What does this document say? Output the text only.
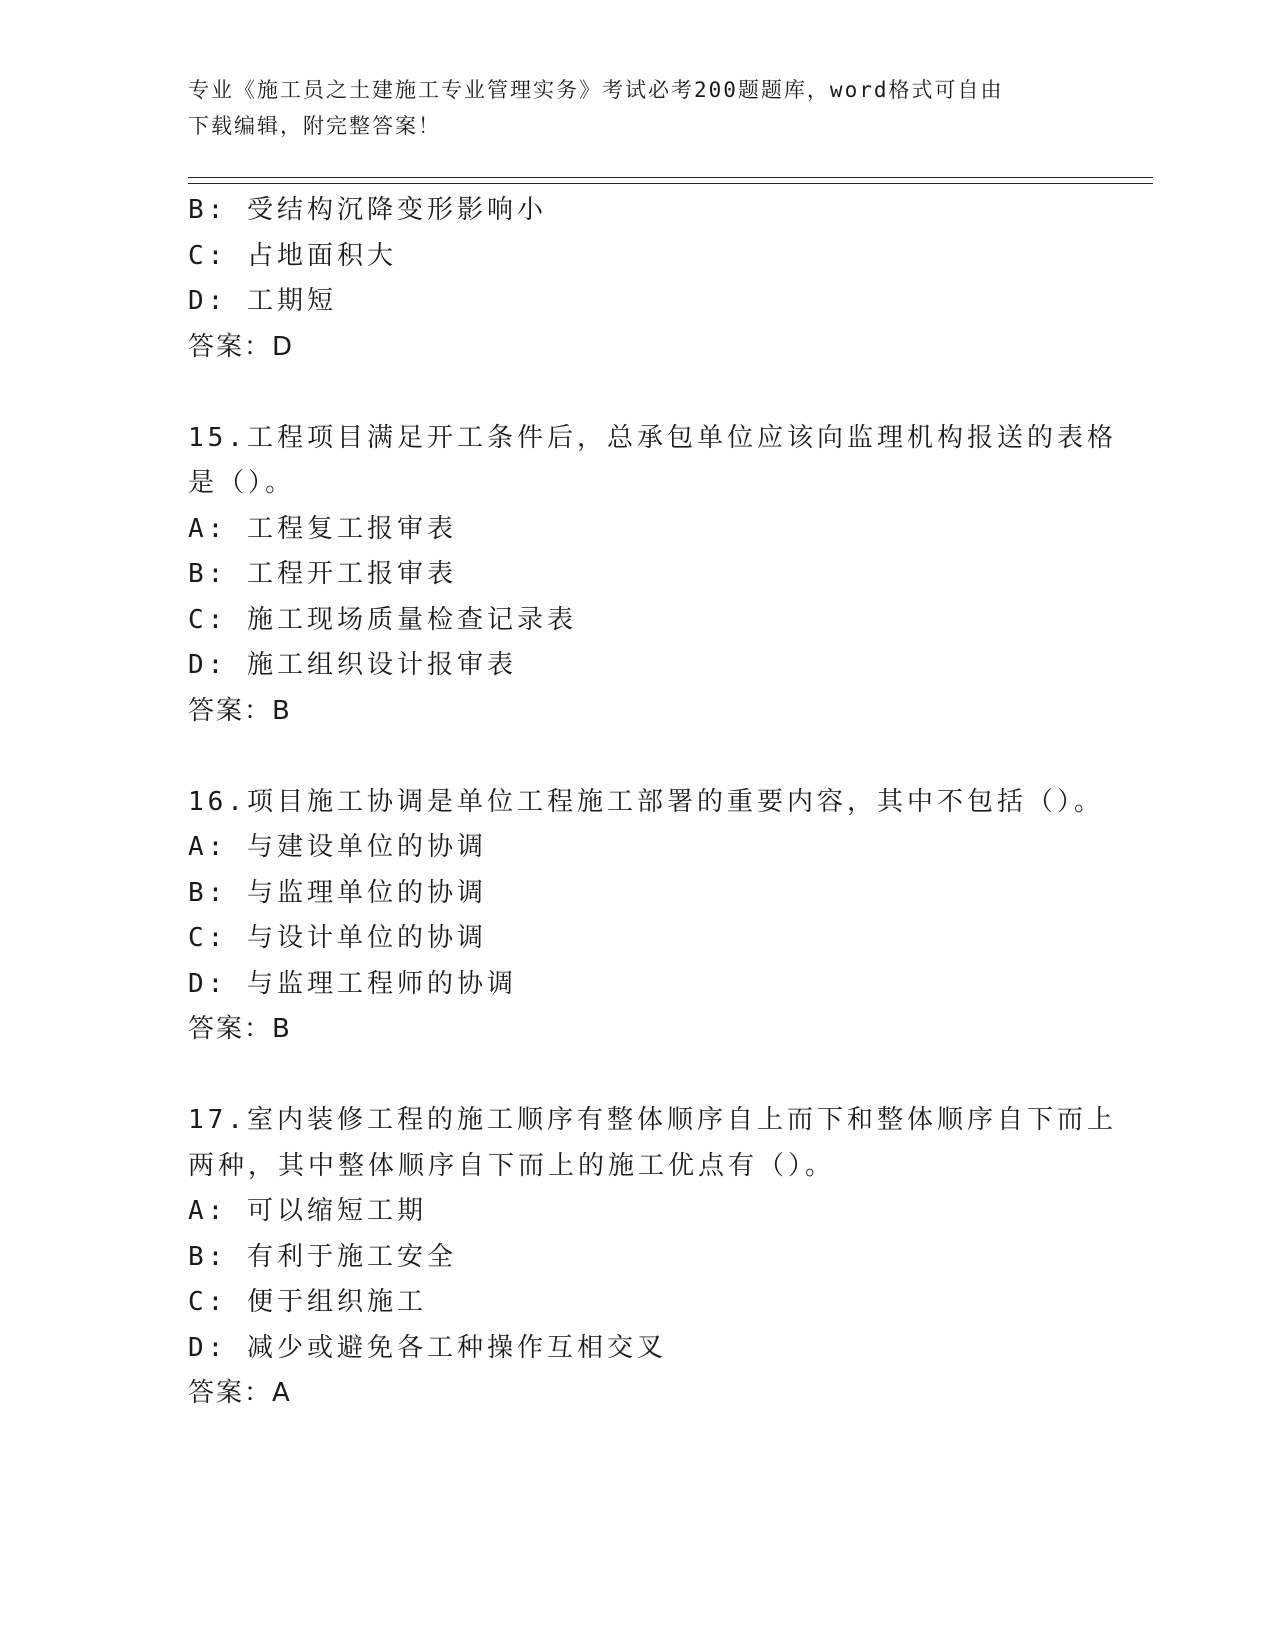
专业《施工员之土建施工专业管理实务》考试必考200题题库，word格式可自由
下载编辑，附完整答案！
B: 受结构沉降变形影响小
C: 占地面积大
D: 工期短
答案：D
15.工程项目满足开工条件后，总承包单位应该向监理机构报送的表格
是（）。
A: 工程复工报审表
B: 工程开工报审表
C: 施工现场质量检查记录表
D: 施工组织设计报审表
答案：B
16.项目施工协调是单位工程施工部署的重要内容，其中不包括（）。
A: 与建设单位的协调
B: 与监理单位的协调
C: 与设计单位的协调
D: 与监理工程师的协调
答案：B
17.室内装修工程的施工顺序有整体顺序自上而下和整体顺序自下而上
两种，其中整体顺序自下而上的施工优点有（）。
A: 可以缩短工期
B: 有利于施工安全
C: 便于组织施工
D: 减少或避免各工种操作互相交叉
答案：A
